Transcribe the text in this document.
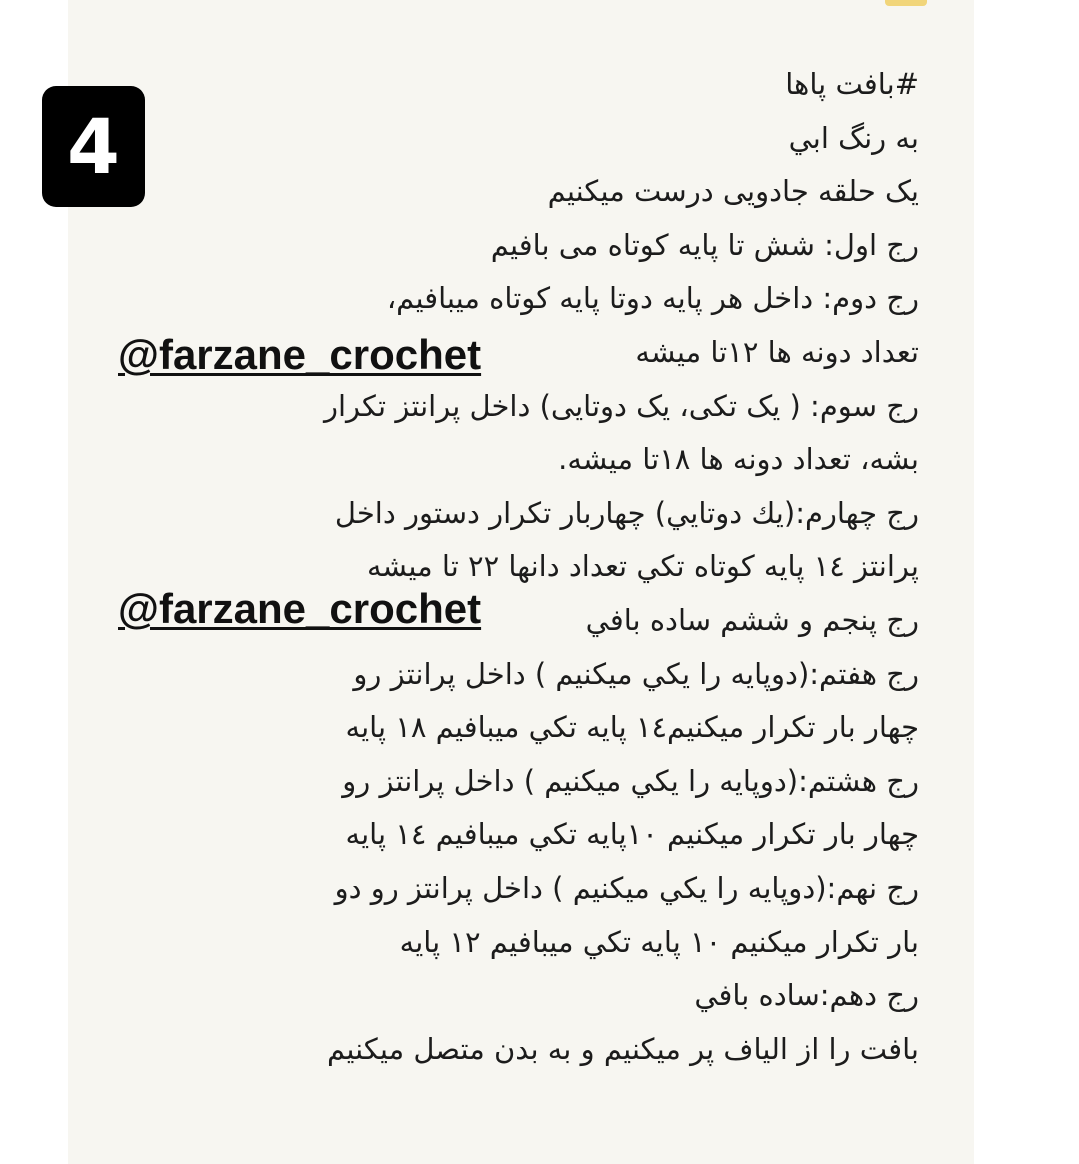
4
#بافت پاها
به رنگ ابي
یک حلقه جادویی درست میکنیم
رج اول: شش تا پایه کوتاه می بافیم
رج دوم: داخل هر پایه دوتا پایه کوتاه میبافیم،
تعداد دونه ها ۱۲تا میشه
رج سوم: ( یک تکی، یک دوتایی) داخل پرانتز تکرار
بشه، تعداد دونه ها ۱۸تا میشه.
رج چهارم:(يك دوتايي) چهاربار تكرار دستور داخل
پرانتز ١٤ پايه كوتاه تكي تعداد دانها ٢٢ تا ميشه
رج پنجم و ششم ساده بافي
رج هفتم:(دوپايه را يكي ميكنيم ) داخل پرانتز رو
چهار بار تكرار ميكنيم١٤ پايه تكي ميبافيم ١٨ پايه
رج هشتم:(دوپايه را يكي ميكنيم ) داخل پرانتز رو
چهار بار تكرار ميكنيم ١٠پايه تكي ميبافيم ١٤ پايه
رج نهم:(دوپايه را يكي ميكنيم ) داخل پرانتز رو دو
بار تكرار ميكنيم ١٠ پايه تكي ميبافيم ١٢ پايه
رج دهم:ساده بافي
بافت را از الياف پر ميكنيم و به بدن متصل ميكنيم
@farzane_crochet
@farzane_crochet
